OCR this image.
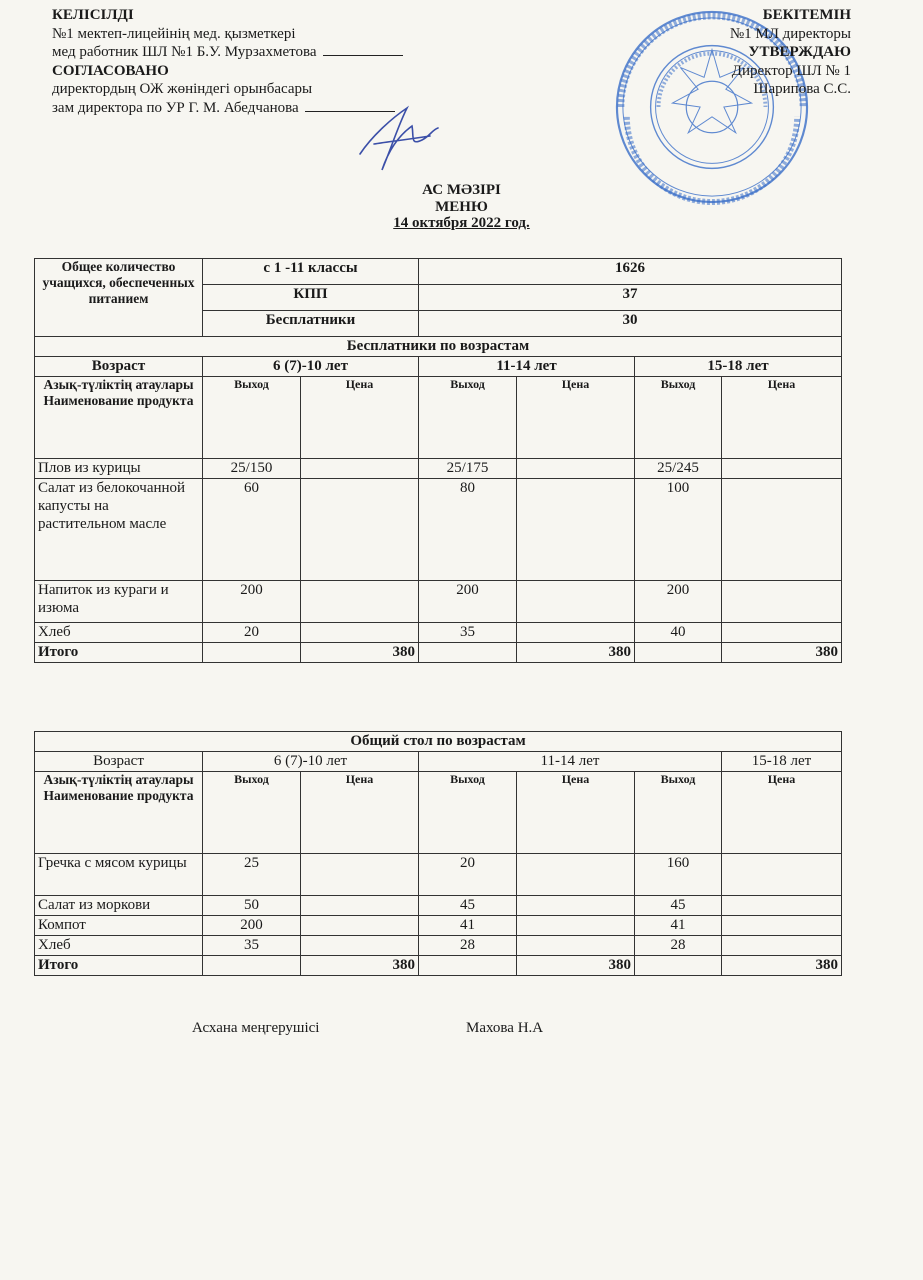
КЕЛІСІЛДІ
№1 мектеп-лицейінің мед. қызметкері
мед работник ШЛ №1 Б.У. Мурзахметова
СОГЛАСОВАНО
директордың ОЖ жөніндегі орынбасары
зам директора по УР Г. М. Абедчанова
БЕКІТЕМІН
№1 МЛ директоры
УТВЕРЖДАЮ
Директор ШЛ № 1
Шарипова С.С.
АС МӘЗІРІ
МЕНЮ
14 октября 2022 год.
Общее количество учащихся, обеспеченных питанием	с 1 -11 классы		1626			
	КПП		37			
	Бесплатники		30			
Бесплатники по возрастам						
Возраст	6 (7)-10 лет		11-14 лет		15-18 лет	
Азық-түліктің атаулары Наименование продукта	Выход	Цена	Выход	Цена	Выход	Цена
Плов из курицы	25/150		25/175		25/245	
Салат из белокочанной капусты на растительном масле	60		80		100	
Напиток из кураги и изюма	200		200		200	
Хлеб	20		35		40	
Итого		380		380		380
Общий стол по возрастам						
Возраст	6 (7)-10 лет		11-14 лет			15-18 лет
Азық-түліктің атаулары Наименование продукта	Выход	Цена	Выход	Цена	Выход	Цена
Гречка с мясом курицы	25		20		160	
Салат из моркови	50		45		45	
Компот	200		41		41	
Хлеб	35		28		28	
Итого		380		380		380
Асхана меңгерушісі	Махова Н.А
